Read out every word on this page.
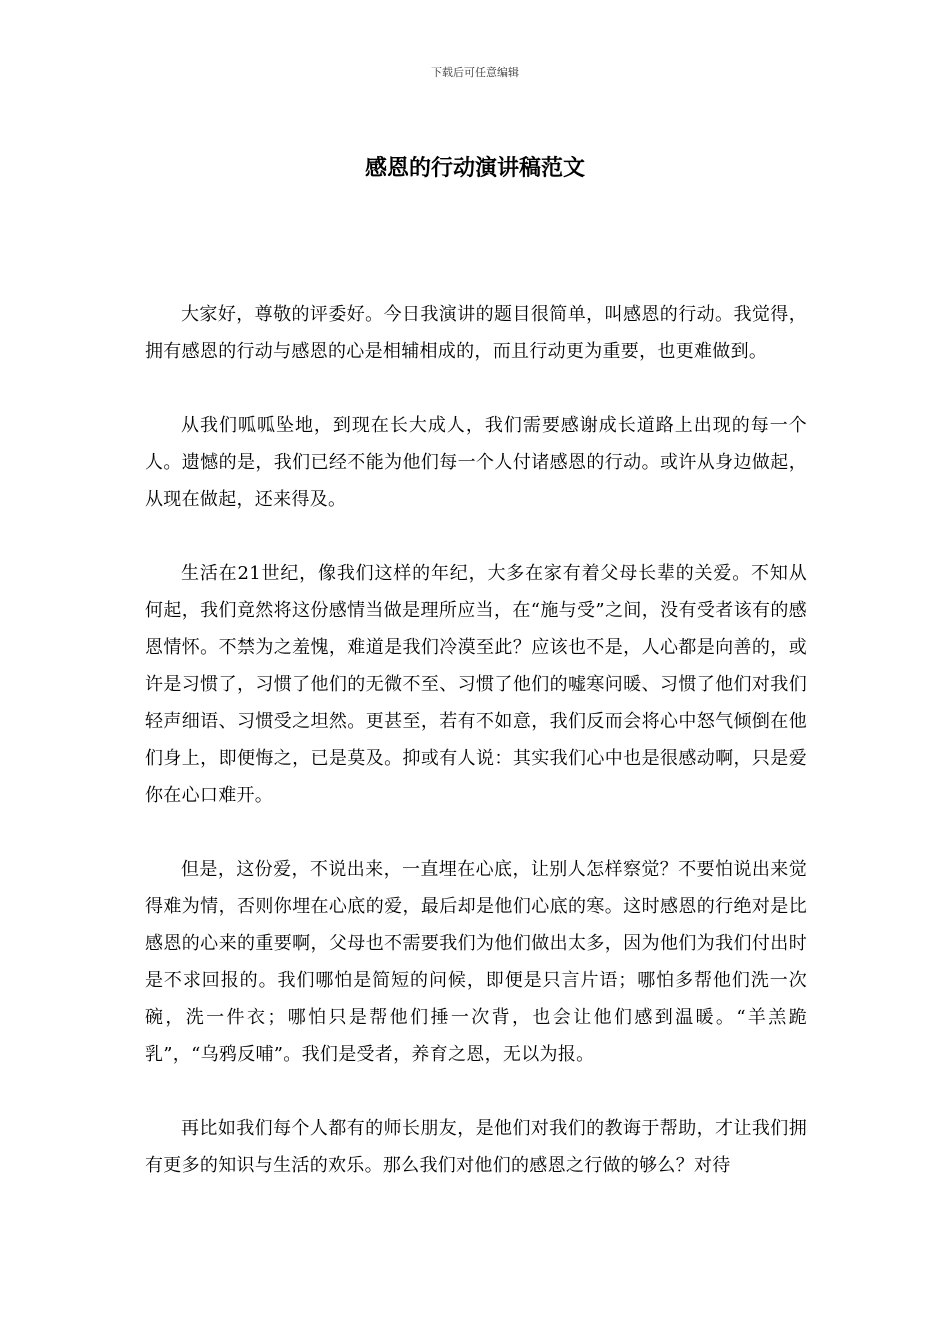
下载后可任意编辑
感恩的行动演讲稿范文

大家好，尊敬的评委好。今日我演讲的题目很简单，叫感恩的行动。我觉得，拥有感恩的行动与感恩的心是相辅相成的，而且行动更为重要，也更难做到。

从我们呱呱坠地，到现在长大成人，我们需要感谢成长道路上出现的每一个人。遗憾的是，我们已经不能为他们每一个人付诸感恩的行动。或许从身边做起，从现在做起，还来得及。

生活在21世纪，像我们这样的年纪，大多在家有着父母长辈的关爱。不知从何起，我们竟然将这份感情当做是理所应当，在“施与受”之间，没有受者该有的感恩情怀。不禁为之羞愧，难道是我们冷漠至此？应该也不是，人心都是向善的，或许是习惯了，习惯了他们的无微不至、习惯了他们的嘘寒问暖、习惯了他们对我们轻声细语、习惯受之坦然。更甚至，若有不如意，我们反而会将心中怒气倾倒在他们身上，即便悔之，已是莫及。抑或有人说：其实我们心中也是很感动啊，只是爱你在心口难开。

但是，这份爱，不说出来，一直埋在心底，让别人怎样察觉？不要怕说出来觉得难为情，否则你埋在心底的爱，最后却是他们心底的寒。这时感恩的行绝对是比感恩的心来的重要啊，父母也不需要我们为他们做出太多，因为他们为我们付出时是不求回报的。我们哪怕是简短的问候，即便是只言片语；哪怕多帮他们洗一次碗，洗一件衣；哪怕只是帮他们捶一次背，也会让他们感到温暖。“羊羔跪乳”，“乌鸦反哺”。我们是受者，养育之恩，无以为报。

再比如我们每个人都有的师长朋友，是他们对我们的教诲于帮助，才让我们拥有更多的知识与生活的欢乐。那么我们对他们的感恩之行做的够么？对待
